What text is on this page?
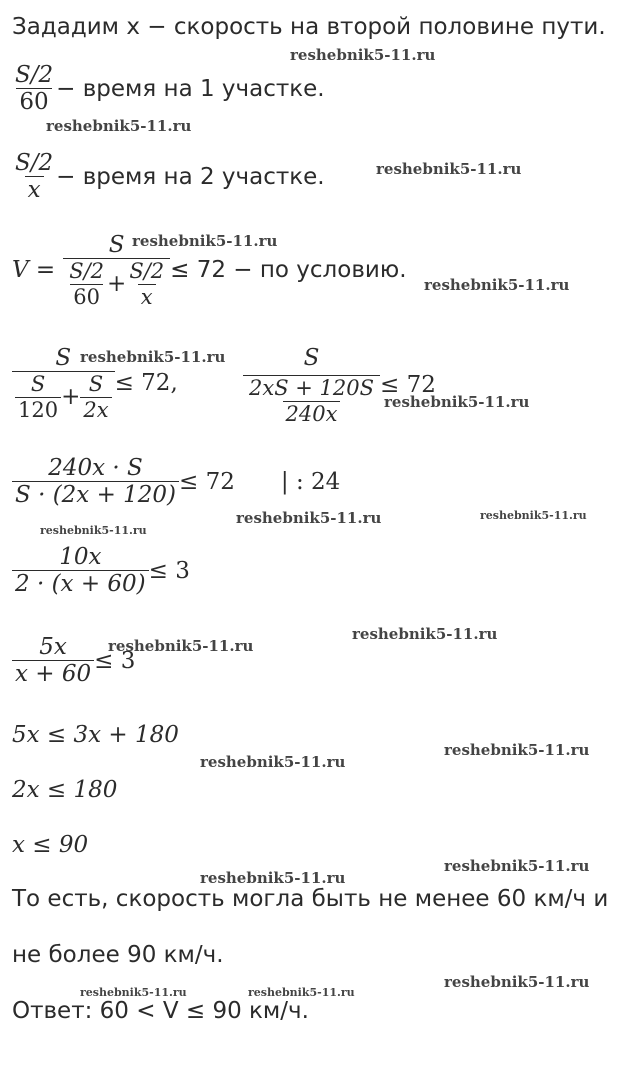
Зададим x − скорость на второй половине пути.
$\frac{S/2}{60}$ − время на 1 участке.
$\frac{S/2}{x}$ − время на 2 участке.
$V = \frac{S}{\frac{S/2}{60} + \frac{S/2}{x}} \le 72$ − по условию.
$\frac{S}{\frac{S}{120} + \frac{S}{2x}} \le 72$,	$\frac{S}{\frac{2xS + 120S}{240x}} \le 72$
$\frac{240x \cdot S}{S \cdot (2x + 120)} \le 72$ | : 24
$\frac{10x}{2 \cdot (x + 60)} \le 3$
$\frac{5x}{x + 60} \le 3$
5x ≤ 3x + 180
2x ≤ 180
x ≤ 90
То есть, скорость могла быть не менее 60 км/ч и
не более 90 км/ч.
Ответ: 60 < V ≤ 90 км/ч.
reshebnik5-11.ru
reshebnik5-11.ru
reshebnik5-11.ru
reshebnik5-11.ru
reshebnik5-11.ru
reshebnik5-11.ru
reshebnik5-11.ru
reshebnik5-11.ru	reshebnik5-11.ru
reshebnik5-11.ru
reshebnik5-11.ru
reshebnik5-11.ru
reshebnik5-11.ru
reshebnik5-11.ru
reshebnik5-11.ru
reshebnik5-11.ru
reshebnik5-11.ru
reshebnik5-11.ru	reshebnik5-11.ru
